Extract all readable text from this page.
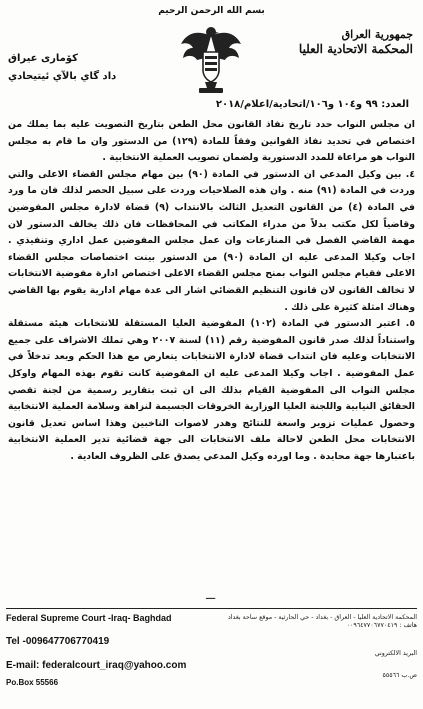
بسم الله الرحمن الرحيم
جمهورية العراق
المحكمة الاتحادية العليا
كۆمارى عيراق
داد گاي بالآي ئيتيحادي
العدد: ٩٩ و١٠٤ و١٠٦/اتحادية/اعلام/٢٠١٨

ان مجلس النواب حدد تاريخ نفاذ القانون محل الطعن بتاريخ التصويت عليه بما يملك من اختصاص في تحديد نفاذ القوانين وفقاً للمادة (١٢٩) من الدستور وان ما قام به مجلس النواب هو مراعاة للمدد الدستورية ولضمان تصويب العملية الانتخابية .

٤. بين وكيل المدعي ان الدستور في المادة (٩٠) بين مهام مجلس القضاء الاعلى والتي وردت في المادة (٩١) منه . وان هذه الصلاحيات وردت على سبيل الحصر لذلك فان ما ورد في المادة (٤) من القانون التعديل الثالث بالانتداب (٩) قضاة لادارة مجلس المفوضين وقاضياً لكل مكتب بدلاً من مدراء المكاتب في المحافظات فان ذلك يخالف الدستور لان مهمة القاضي الفصل في المنازعات وان عمل مجلس المفوضين عمل اداري وتنفيذي . اجاب وكيلا المدعى عليه ان المادة (٩٠) من الدستور بينت اختصاصات مجلس القضاء الاعلى فقيام مجلس النواب بمنح مجلس القضاء الاعلى اختصاص ادارة مفوضية الانتخابات لا تخالف القانون لان قانون التنظيم القضائي اشار الى عدة مهام ادارية يقوم بها القاضي وهناك امثلة كثيرة على ذلك .

٥. اعتبر الدستور في المادة (١٠٢) المفوضية العليا المستقلة للانتخابات هيئة مستقلة واستناداً لذلك صدر قانون المفوضية رقم (١١) لسنة ٢٠٠٧ وهي تملك الاشراف على جميع الانتخابات وعليه فان انتداب قضاة لادارة الانتخابات يتعارض مع هذا الحكم ويعد تدخلاً في عمل المفوضية . اجاب وكيلا المدعى عليه ان المفوضية كانت تقوم بهذه المهام واوكل مجلس النواب الى المفوضية القيام بذلك الى ان ثبت بتقارير رسمية من لجنة تقصي الحقائق النيابية واللجنة العليا الوزارية الخروقات الجسيمة لنزاهة وسلامة العملية الانتخابية وحصول عمليات تزوير واسعة للنتائج وهدر لاصوات الناخبين وهذا اساس تعديل قانون الانتخابات محل الطعن لاحالة ملف الانتخابات الى جهة قضائية تدير العملية الانتخابية باعتبارها جهة محايدة . وما اورده وكيل المدعي يصدق على الظروف العادية .

ـــ
Federal Supreme Court -Iraq- Baghdad
Tel -009647706770419
E-mail: federalcourt_iraq@yahoo.com
Po.Box 55566
المحكمة الاتحادية العليا - العراق - بغداد - حي الحارثية - موقع ساحة بغداد
هاتف : ٠٠٩٦٤٧٧٠٦٧٧٠٤١٩
البريد الالكتروني
ص.ب ٥٥٥٦٦
